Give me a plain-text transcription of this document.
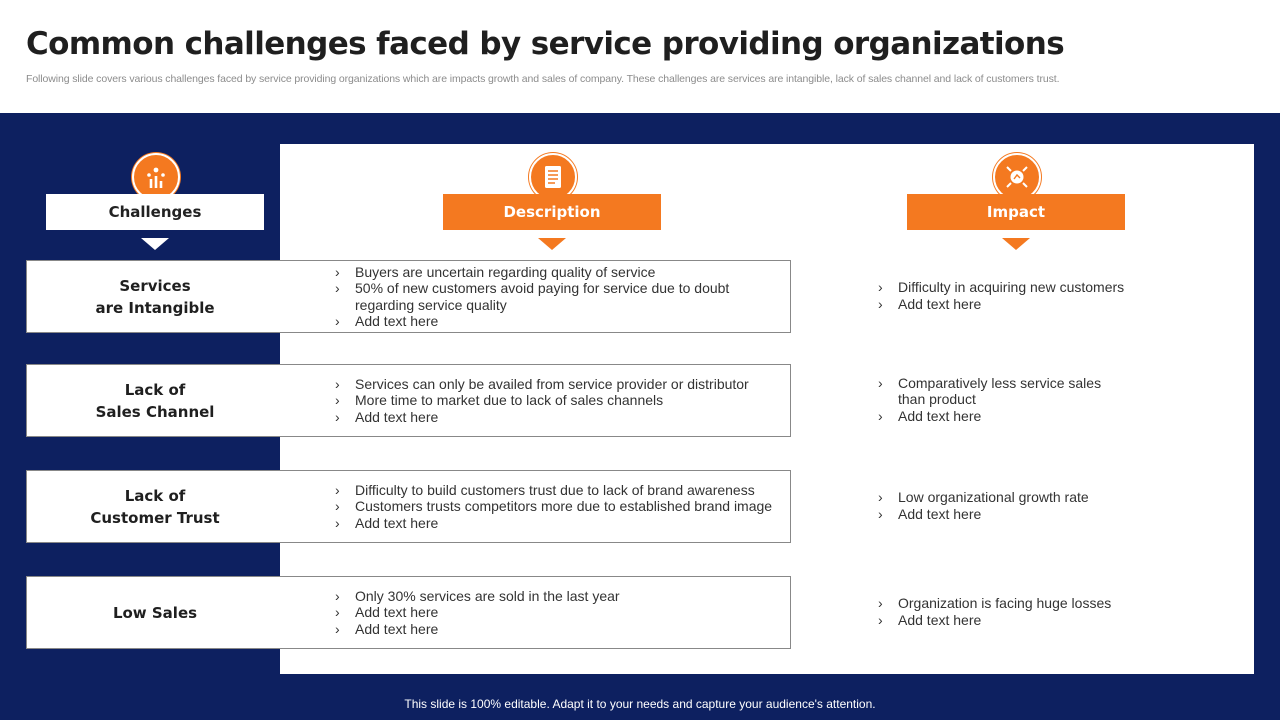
Common challenges faced by service providing organizations
Following slide covers various challenges faced by service providing organizations which are impacts growth and sales of company. These challenges are services are intangible, lack of sales channel and lack of customers trust.
Challenges	Description	Impact
Services
are Intangible
› Buyers are uncertain regarding quality of service
› 50% of new customers avoid paying for service due to doubt regarding service quality
› Add text here
› Difficulty in acquiring new customers
› Add text here
Lack of
Sales Channel
› Services can only be availed from service provider or distributor
› More time to market due to lack of sales channels
› Add text here
› Comparatively less service sales than product
› Add text here
Lack of
Customer Trust
› Difficulty to build customers trust due to lack of brand awareness
› Customers trusts competitors more due to established brand image
› Add text here
› Low organizational growth rate
› Add text here
Low Sales
› Only 30% services are sold in the last year
› Add text here
› Add text here
› Organization is facing huge losses
› Add text here
This slide is 100% editable. Adapt it to your needs and capture your audience's attention.
